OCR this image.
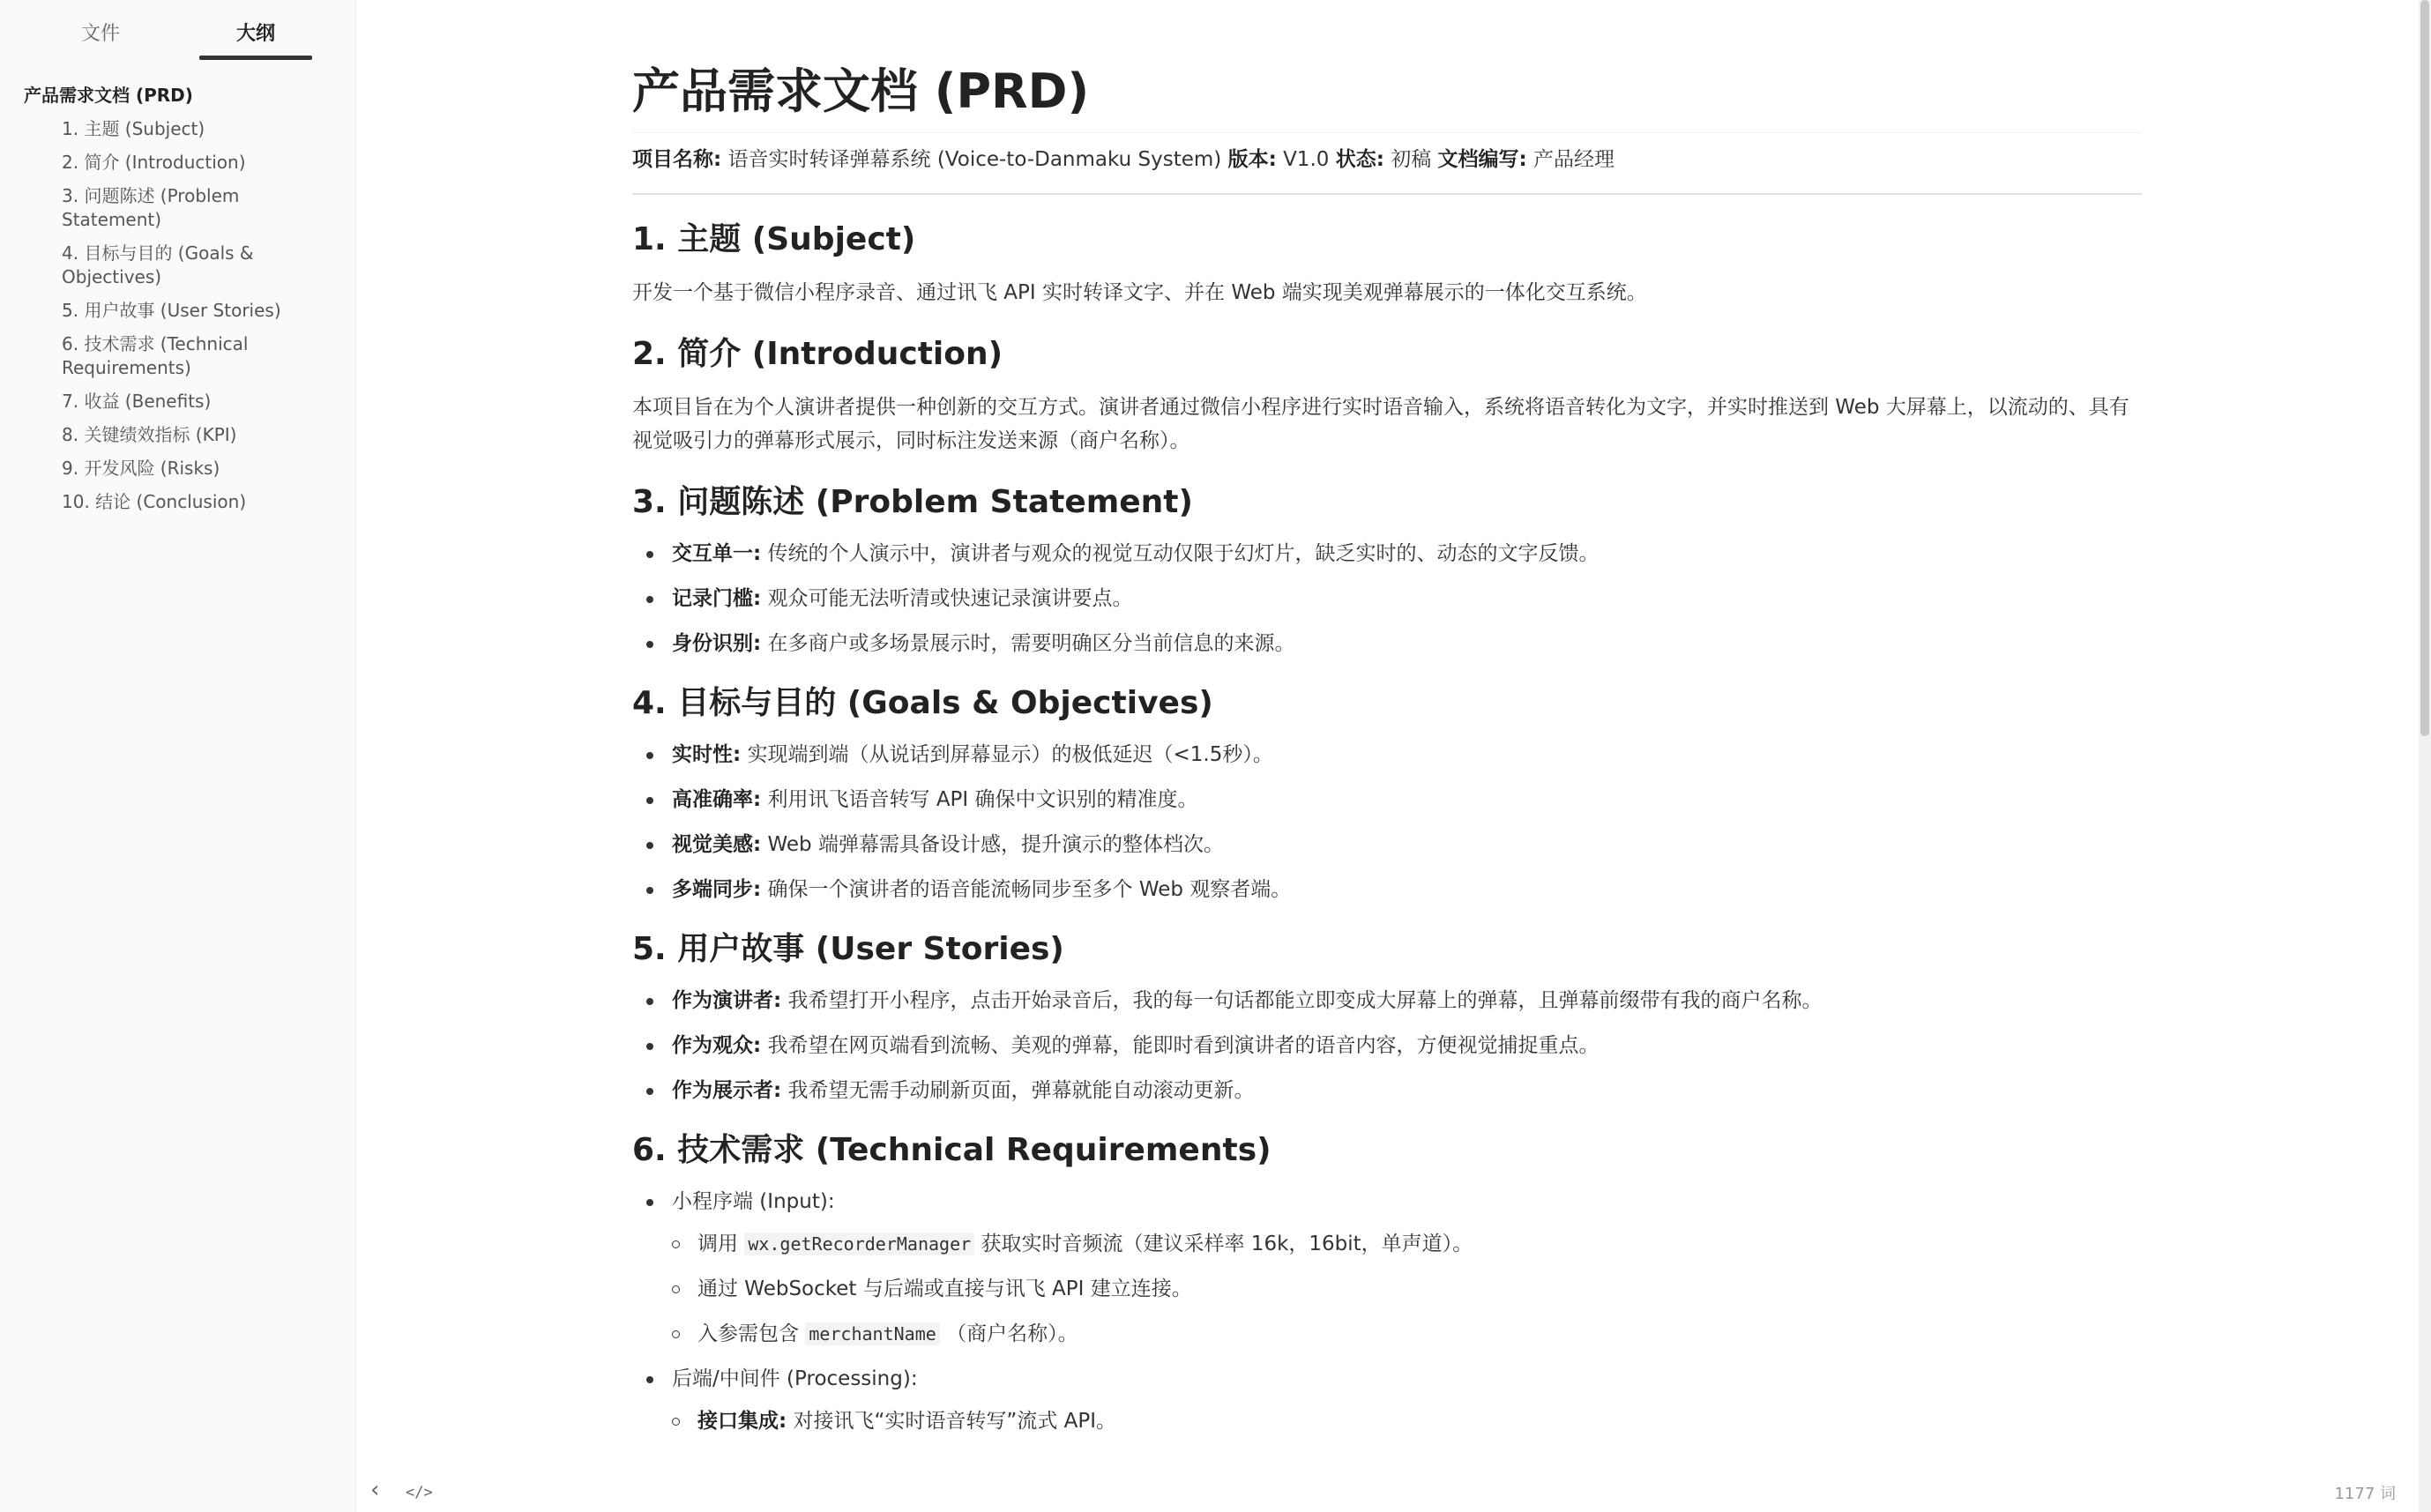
文件	大纲
产品需求文档 (PRD)
1. 主题 (Subject)
2. 简介 (Introduction)
3. 问题陈述 (Problem Statement)
4. 目标与目的 (Goals & Objectives)
5. 用户故事 (User Stories)
6. 技术需求 (Technical Requirements)
7. 收益 (Benefits)
8. 关键绩效指标 (KPI)
9. 开发风险 (Risks)
10. 结论 (Conclusion)
‹ </>
产品需求文档 (PRD)
项目名称: 语音实时转译弹幕系统 (Voice-to-Danmaku System) 版本: V1.0 状态: 初稿 文档编写: 产品经理
1. 主题 (Subject)

开发一个基于微信小程序录音、通过讯飞 API 实时转译文字、并在 Web 端实现美观弹幕展示的一体化交互系统。

2. 简介 (Introduction)

本项目旨在为个人演讲者提供一种创新的交互方式。演讲者通过微信小程序进行实时语音输入，系统将语音转化为文字，并实时推送到 Web 大屏幕上，以流动的、具有视觉吸引力的弹幕形式展示，同时标注发送来源（商户名称）。

3. 问题陈述 (Problem Statement)
交互单一: 传统的个人演示中，演讲者与观众的视觉互动仅限于幻灯片，缺乏实时的、动态的文字反馈。
记录门槛: 观众可能无法听清或快速记录演讲要点。
身份识别: 在多商户或多场景展示时，需要明确区分当前信息的来源。
4. 目标与目的 (Goals & Objectives)
实时性: 实现端到端（从说话到屏幕显示）的极低延迟（<1.5秒）。
高准确率: 利用讯飞语音转写 API 确保中文识别的精准度。
视觉美感: Web 端弹幕需具备设计感，提升演示的整体档次。
多端同步: 确保一个演讲者的语音能流畅同步至多个 Web 观察者端。
5. 用户故事 (User Stories)
作为演讲者: 我希望打开小程序，点击开始录音后，我的每一句话都能立即变成大屏幕上的弹幕，且弹幕前缀带有我的商户名称。
作为观众: 我希望在网页端看到流畅、美观的弹幕，能即时看到演讲者的语音内容，方便视觉捕捉重点。
作为展示者: 我希望无需手动刷新页面，弹幕就能自动滚动更新。
6. 技术需求 (Technical Requirements)
小程序端 (Input):
调用 wx.getRecorderManager 获取实时音频流（建议采样率 16k，16bit，单声道）。
通过 WebSocket 与后端或直接与讯飞 API 建立连接。
入参需包含 merchantName （商户名称）。
后端/中间件 (Processing):
接口集成: 对接讯飞“实时语音转写”流式 API。
1177 词
